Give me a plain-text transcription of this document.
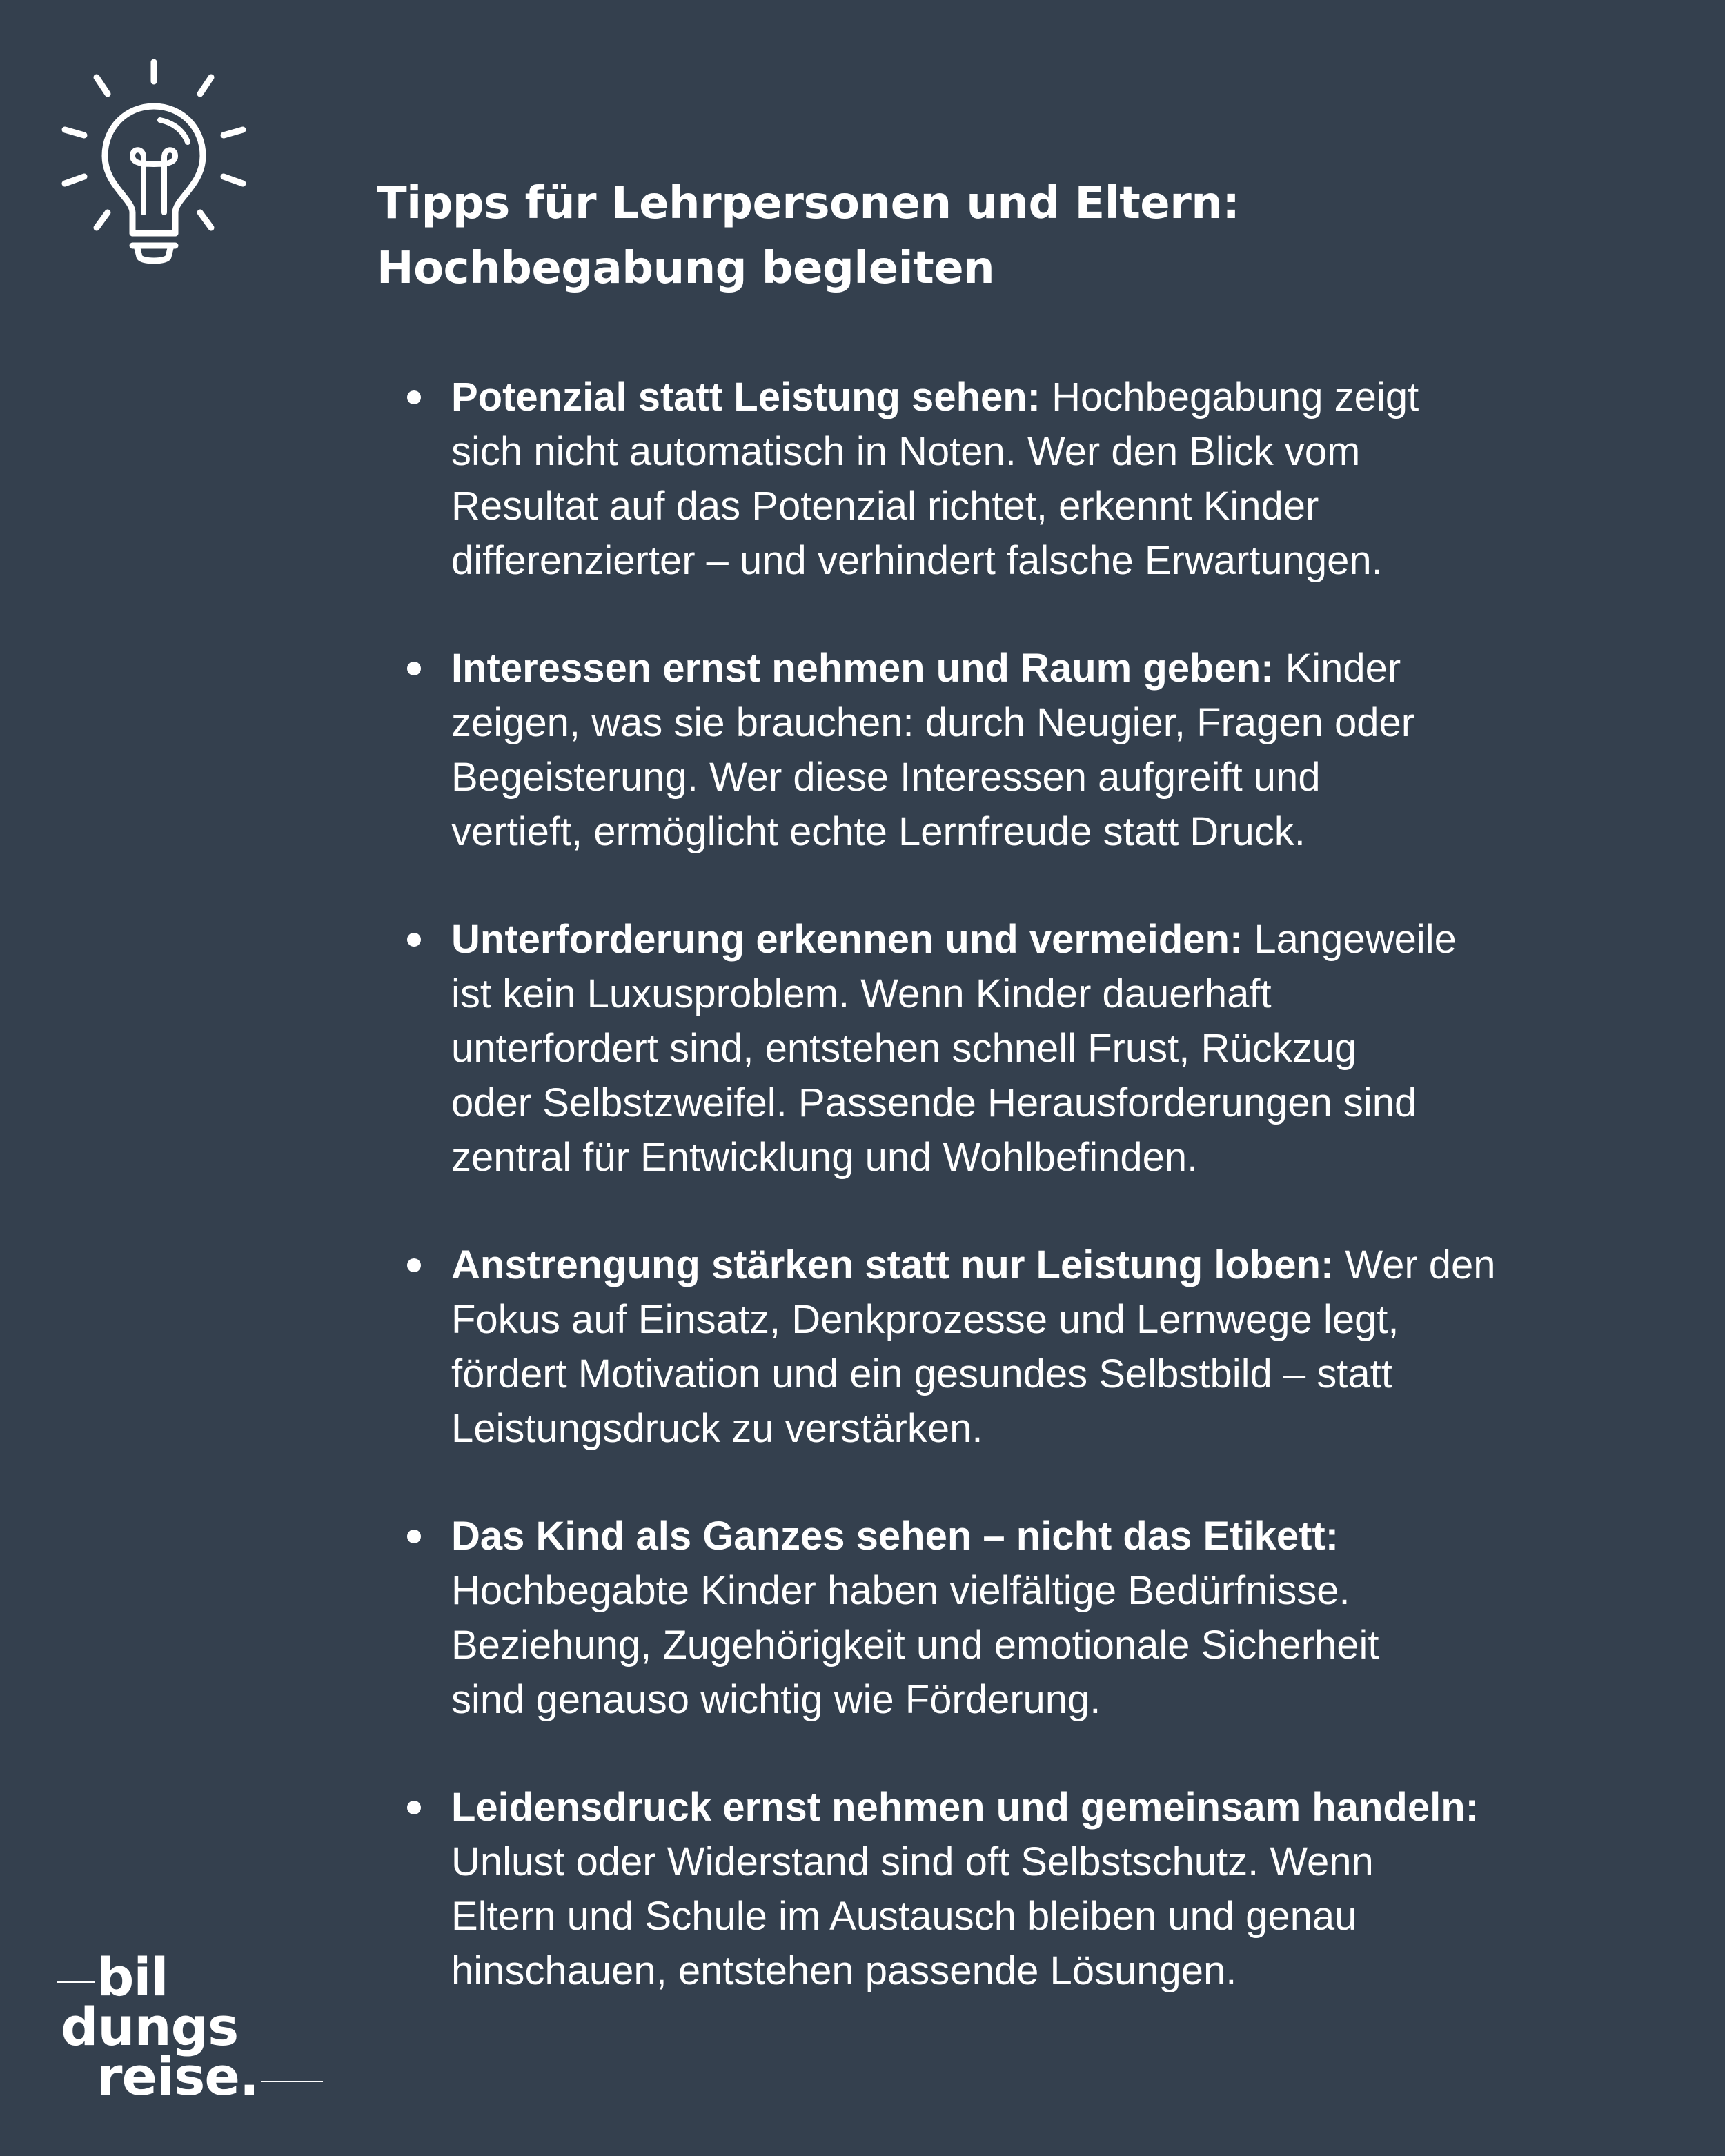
Tipps für Lehrpersonen und Eltern:
Hochbegabung begleiten
Potenzial statt Leistung sehen: Hochbegabung zeigt
sich nicht automatisch in Noten. Wer den Blick vom
Resultat auf das Potenzial richtet, erkennt Kinder
differenzierter – und verhindert falsche Erwartungen.
Interessen ernst nehmen und Raum geben: Kinder
zeigen, was sie brauchen: durch Neugier, Fragen oder
Begeisterung. Wer diese Interessen aufgreift und
vertieft, ermöglicht echte Lernfreude statt Druck.
Unterforderung erkennen und vermeiden: Langeweile
ist kein Luxusproblem. Wenn Kinder dauerhaft
unterfordert sind, entstehen schnell Frust, Rückzug
oder Selbstzweifel. Passende Herausforderungen sind
zentral für Entwicklung und Wohlbefinden.
Anstrengung stärken statt nur Leistung loben: Wer den
Fokus auf Einsatz, Denkprozesse und Lernwege legt,
fördert Motivation und ein gesundes Selbstbild – statt
Leistungsdruck zu verstärken.
Das Kind als Ganzes sehen – nicht das Etikett:
Hochbegabte Kinder haben vielfältige Bedürfnisse.
Beziehung, Zugehörigkeit und emotionale Sicherheit
sind genauso wichtig wie Förderung.
Leidensdruck ernst nehmen und gemeinsam handeln:
Unlust oder Widerstand sind oft Selbstschutz. Wenn
Eltern und Schule im Austausch bleiben und genau
hinschauen, entstehen passende Lösungen.
bil
dungs
reise.
